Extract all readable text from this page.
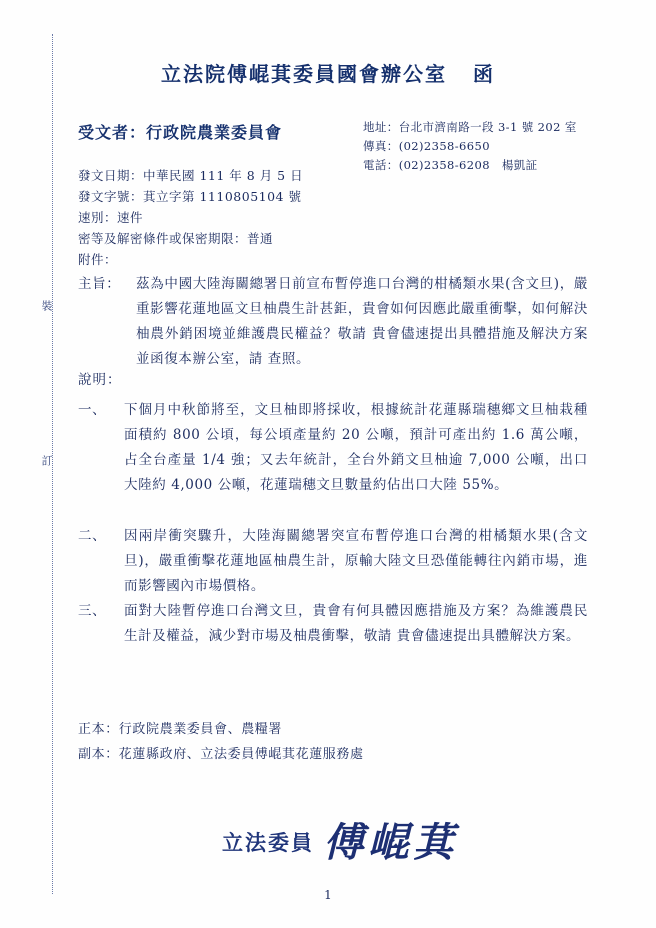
裝
訂
立法院傅崐萁委員國會辦公室 函
受文者：行政院農業委員會	地址：台北市濟南路一段 3-1 號 202 室
傳真：(02)2358-6650
電話：(02)2358-6208　楊凱証
發文日期：中華民國 111 年 8 月 5 日
發文字號：萁立字第 1110805104 號
速別：速件
密等及解密條件或保密期限：普通
附件：
主旨：	茲為中國大陸海關總署日前宣布暫停進口台灣的柑橘類水果(含文旦)，嚴重影響花蓮地區文旦柚農生計甚鉅，貴會如何因應此嚴重衝擊，如何解決柚農外銷困境並維護農民權益？敬請 貴會儘速提出具體措施及解決方案並函復本辦公室，請 查照。
說明：
一、	下個月中秋節將至，文旦柚即將採收，根據統計花蓮縣瑞穗鄉文旦柚栽種面積約 800 公頃，每公頃產量約 20 公噸，預計可產出約 1.6 萬公噸，占全台產量 1/4 強；又去年統計，全台外銷文旦柚逾 7,000 公噸，出口大陸約 4,000 公噸，花蓮瑞穗文旦數量約佔出口大陸 55%。
二、	因兩岸衝突驟升，大陸海關總署突宣布暫停進口台灣的柑橘類水果(含文旦)，嚴重衝擊花蓮地區柚農生計，原輸大陸文旦恐僅能轉往內銷市場，進而影響國內市場價格。
三、	面對大陸暫停進口台灣文旦，貴會有何具體因應措施及方案？為維護農民生計及權益，減少對市場及柚農衝擊，敬請 貴會儘速提出具體解決方案。
正本：行政院農業委員會、農糧署
副本：花蓮縣政府、立法委員傅崐萁花蓮服務處
立法委員 傅崐萁
1
